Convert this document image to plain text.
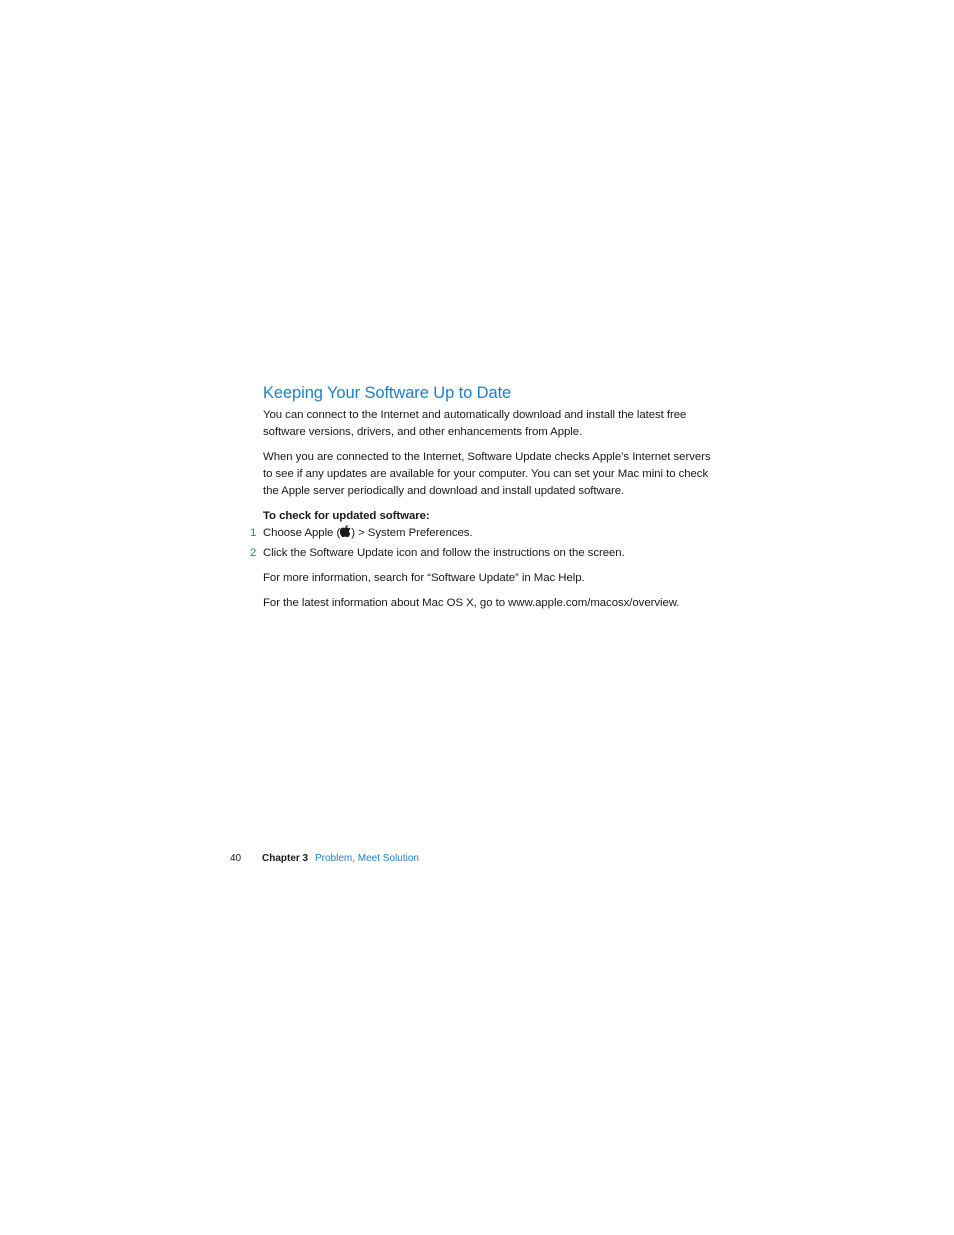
Keeping Your Software Up to Date

You can connect to the Internet and automatically download and install the latest free software versions, drivers, and other enhancements from Apple.

When you are connected to the Internet, Software Update checks Apple’s Internet servers to see if any updates are available for your computer. You can set your Mac mini to check the Apple server periodically and download and install updated software.

To check for updated software:

1 Choose Apple ( ) > System Preferences.
2 Click the Software Update icon and follow the instructions on the screen.

For more information, search for “Software Update” in Mac Help.

For the latest information about Mac OS X, go to www.apple.com/macosx/overview.

40 Chapter 3 Problem, Meet Solution
